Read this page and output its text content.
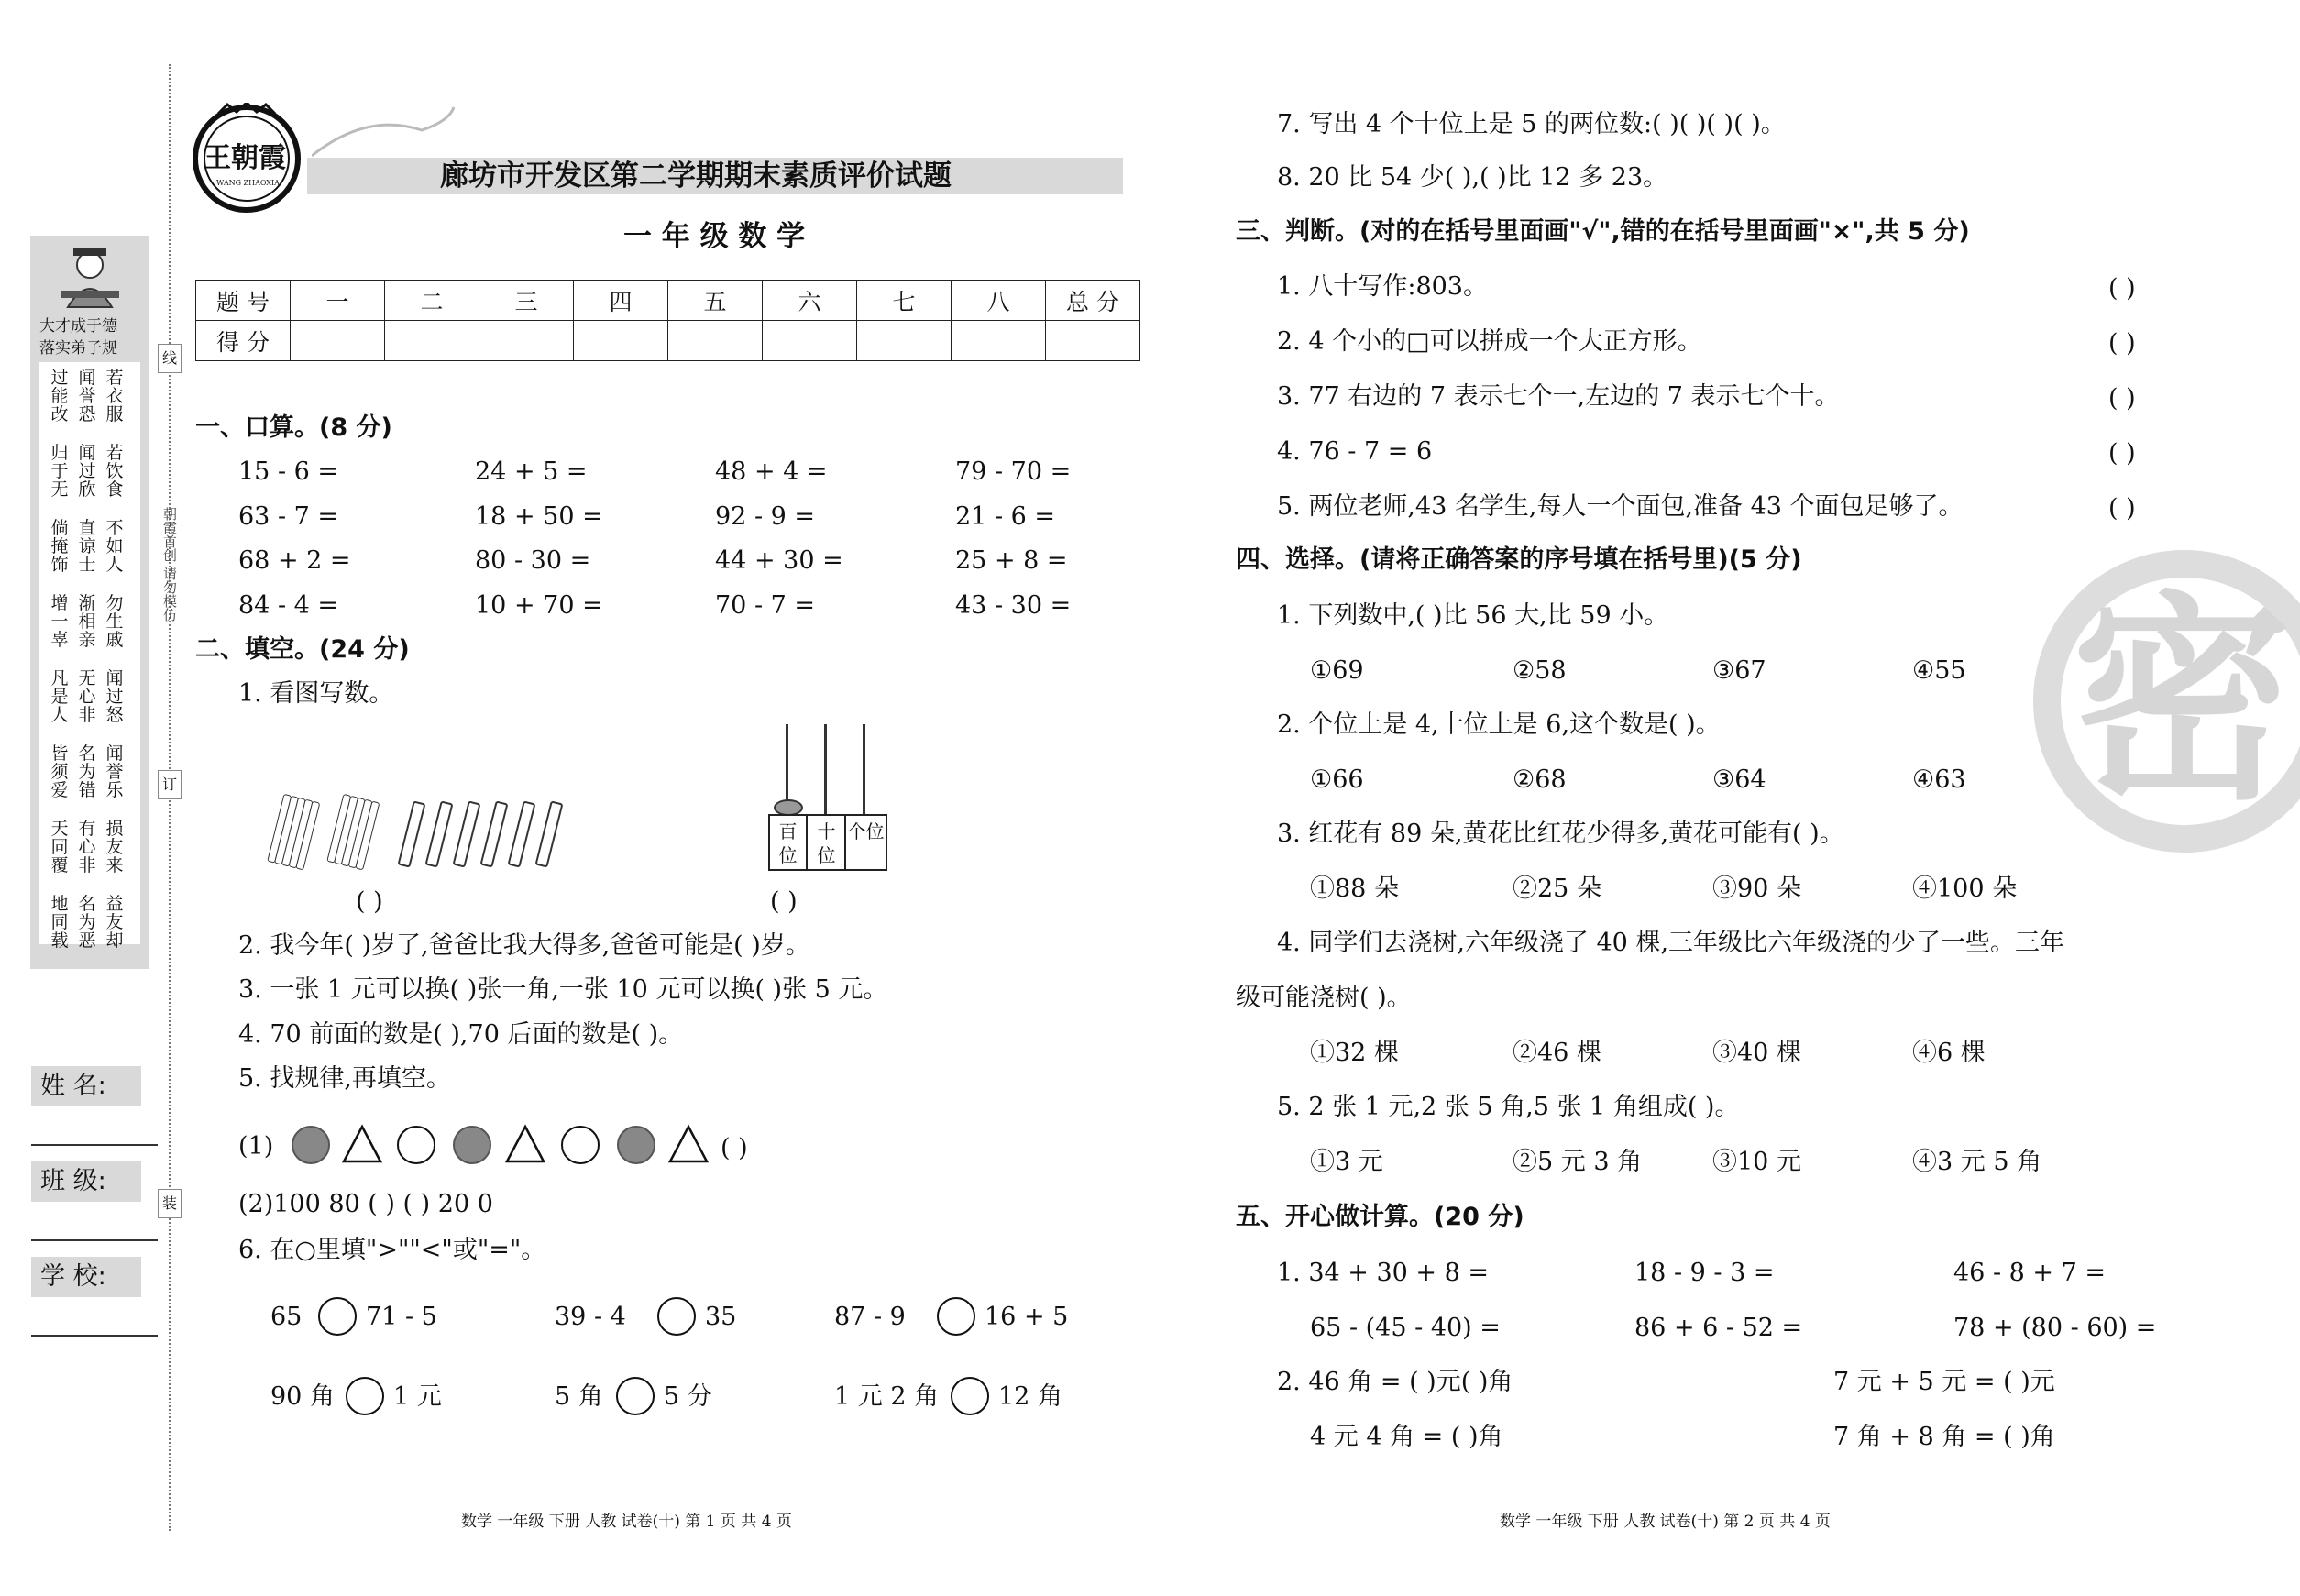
大才成于德
落实弟子规
过能改
闻誉恐
若衣服
归于无
闻过欣
若饮食
倘掩饰
直谅士
不如人
增一辜
渐相亲
勿生戚
凡是人
无心非
闻过怒
皆须爱
名为错
闻誉乐
天同覆
有心非
损友来
地同载
名为恶
益友却
线
订
装
朝霞首创 请勿模仿
姓 名:
班 级:
学 校:
王朝霞
WANG ZHAOXIA	廊坊市开发区第二学期期末素质评价试题
一 年 级 数 学
题 号	一	二	三	四	五	六	七	八	总 分
得 分									
一、口算。(8 分)
15 - 6 =	24 + 5 =	48 + 4 =	79 - 70 =
63 - 7 =	18 + 50 =	92 - 9 =	21 - 6 =
68 + 2 =	80 - 30 =	44 + 30 =	25 + 8 =
84 - 4 =	10 + 70 =	70 - 7 =	43 - 30 =
二、填空。(24 分)
1. 看图写数。
( )
百位
十位
个位
( )
2. 我今年( )岁了,爸爸比我大得多,爸爸可能是( )岁。
3. 一张 1 元可以换( )张一角,一张 10 元可以换( )张 5 元。
4. 70 前面的数是( ),70 后面的数是( )。
5. 找规律,再填空。
(1)	( )
(2)100 80 ( ) ( ) 20 0
6. 在○里填">""<"或"="。
65	71 - 5	39 - 4	35	87 - 9	16 + 5
90 角 1 元	5 角 5 分	1 元 2 角 12 角
7. 写出 4 个十位上是 5 的两位数:( )( )( )( )。
8. 20 比 54 少( ),( )比 12 多 23。
三、判断。(对的在括号里面画"√",错的在括号里面画"×",共 5 分)
1. 八十写作:803。	( )
2. 4 个小的□可以拼成一个大正方形。	( )
3. 77 右边的 7 表示七个一,左边的 7 表示七个十。	( )
4. 76 - 7 = 6	( )
5. 两位老师,43 名学生,每人一个面包,准备 43 个面包足够了。	( )
四、选择。(请将正确答案的序号填在括号里)(5 分)
1. 下列数中,( )比 56 大,比 59 小。
①69	②58	③67	④55
2. 个位上是 4,十位上是 6,这个数是( )。
①66	②68	③64	④63
3. 红花有 89 朵,黄花比红花少得多,黄花可能有( )。
①88 朵	②25 朵	③90 朵	④100 朵
4. 同学们去浇树,六年级浇了 40 棵,三年级比六年级浇的少了一些。三年
级可能浇树( )。
①32 棵	②46 棵	③40 棵	④6 棵
5. 2 张 1 元,2 张 5 角,5 张 1 角组成( )。
①3 元	②5 元 3 角	③10 元	④3 元 5 角
五、开心做计算。(20 分)
1. 34 + 30 + 8 =	18 - 9 - 3 =	46 - 8 + 7 =
65 - (45 - 40) =	86 + 6 - 52 =	78 + (80 - 60) =
2. 46 角 = ( )元( )角	7 元 + 5 元 = ( )元
4 元 4 角 = ( )角	7 角 + 8 角 = ( )角
密
数学 一年级 下册 人教 试卷(十) 第 1 页 共 4 页	数学 一年级 下册 人教 试卷(十) 第 2 页 共 4 页
